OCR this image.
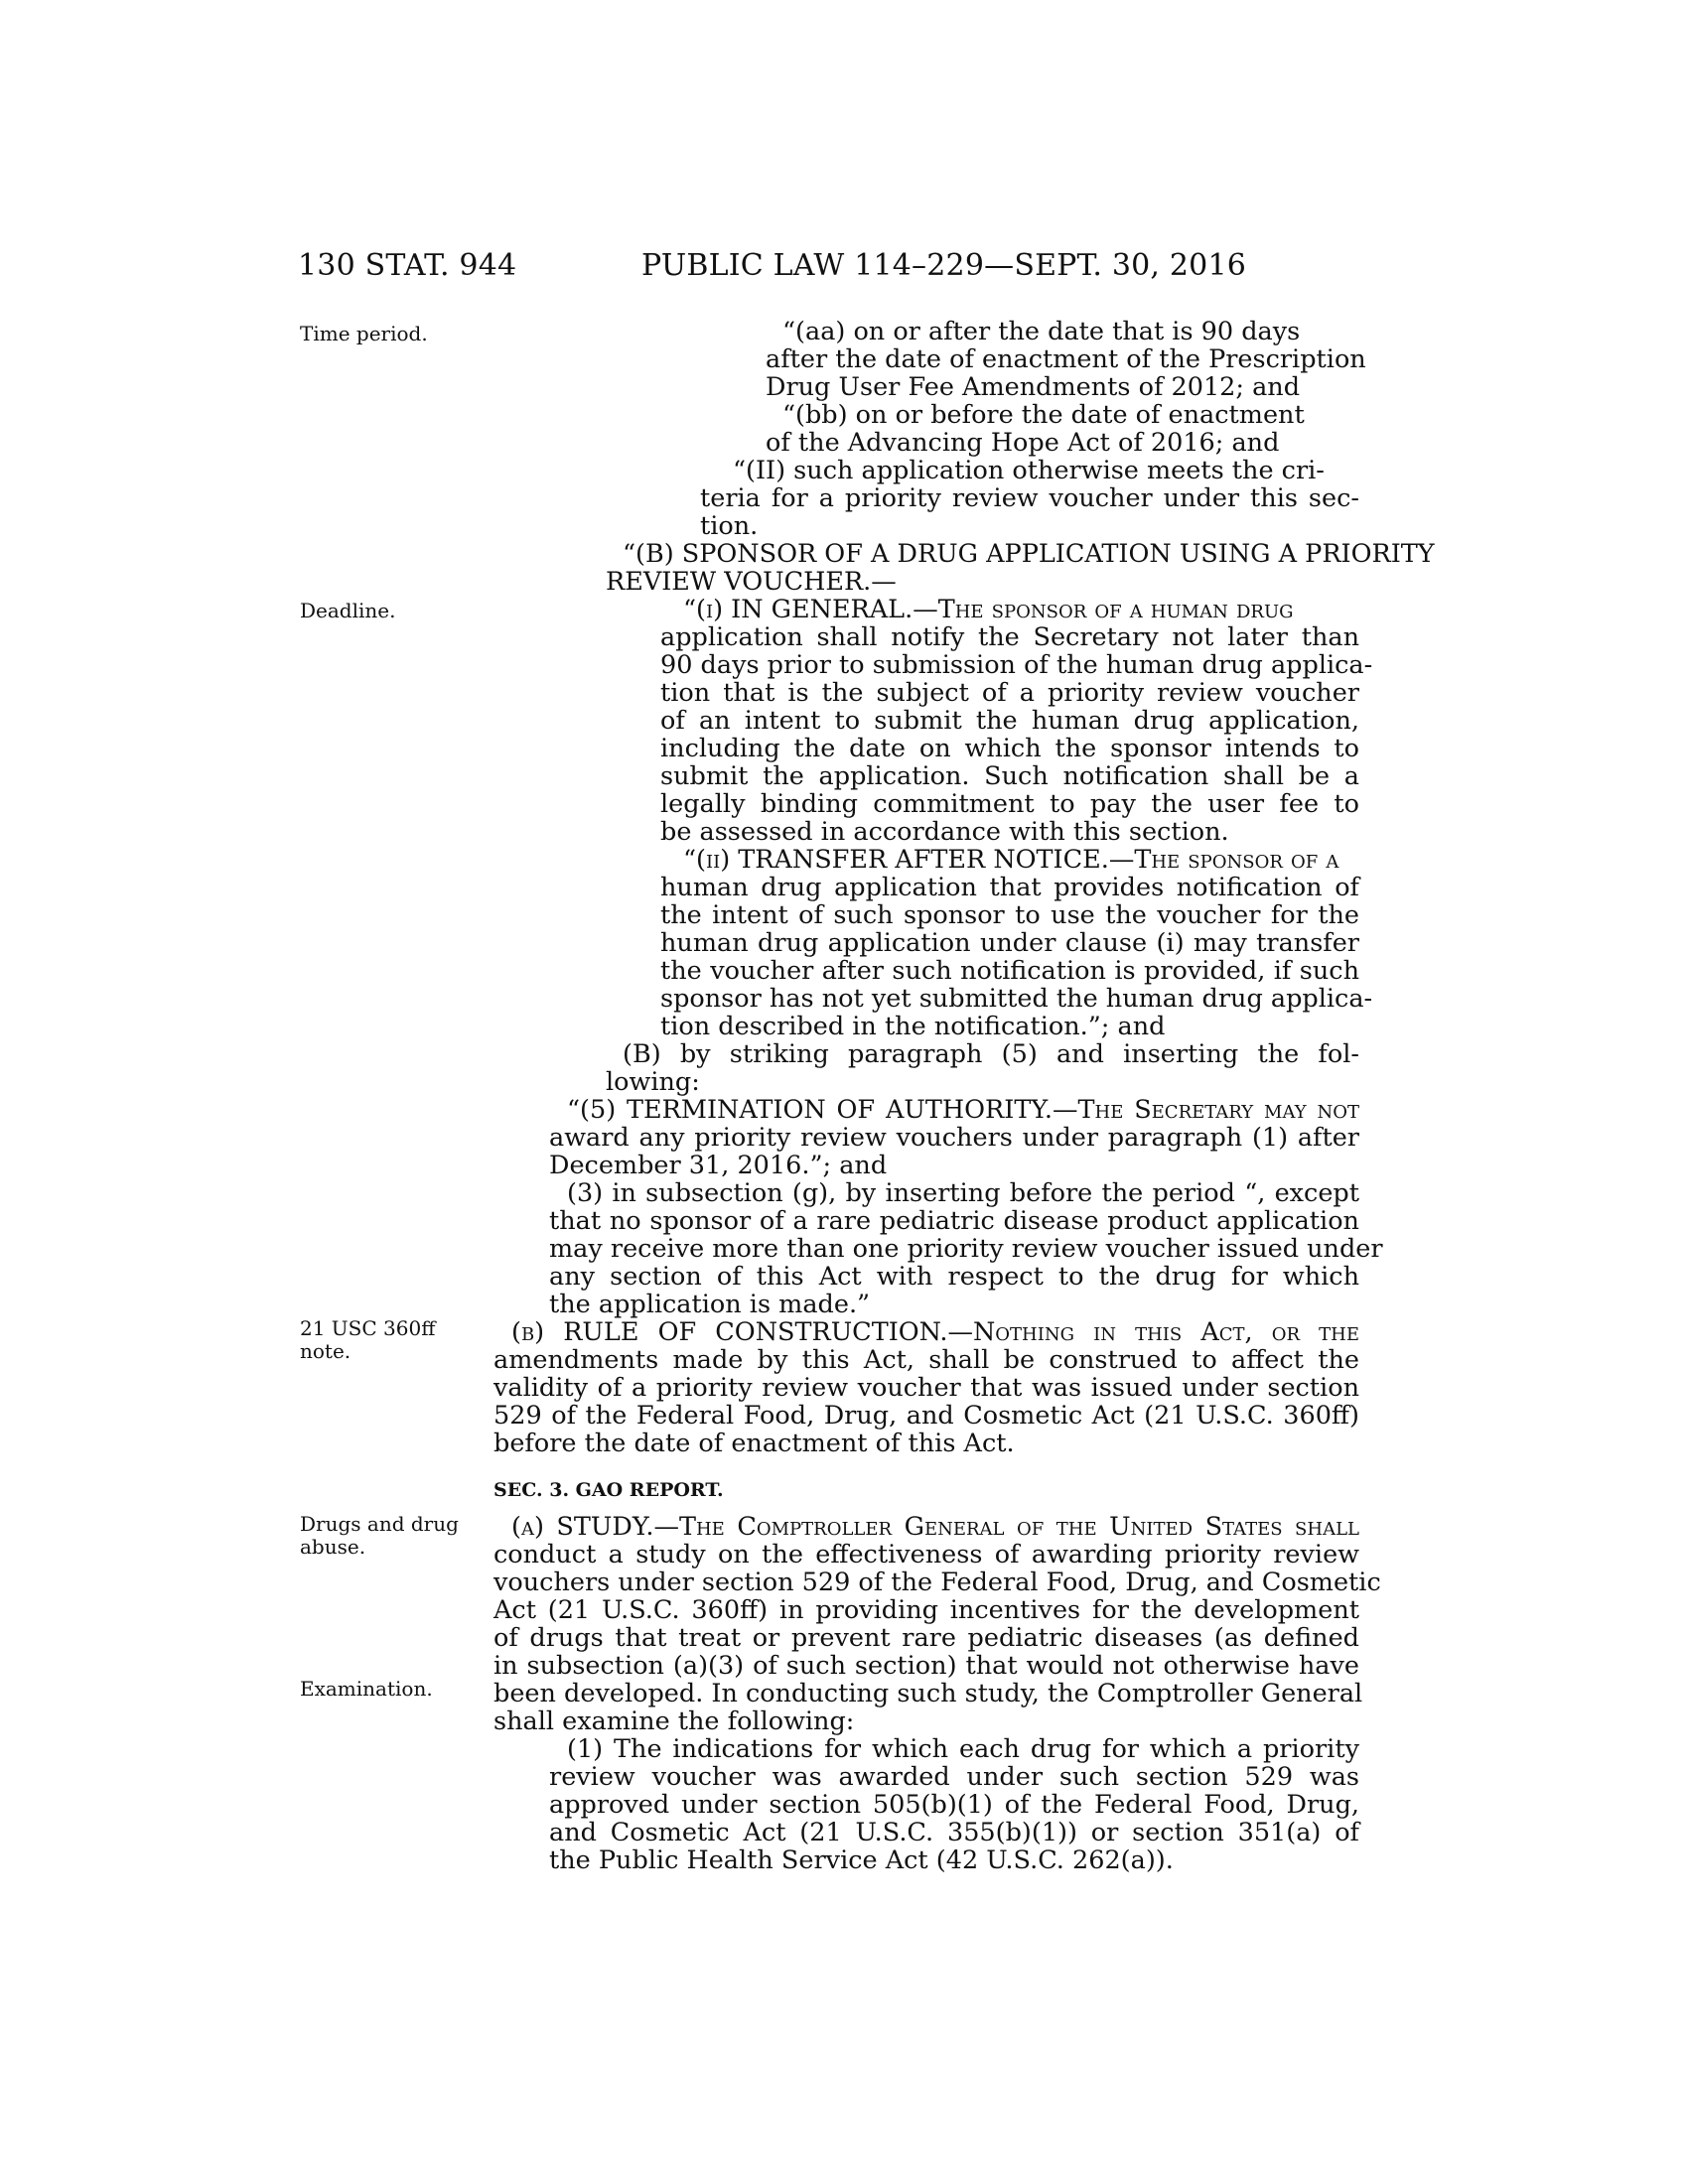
130 STAT. 944	PUBLIC LAW 114–229—SEPT. 30, 2016
Time period.
Deadline.
21 USC 360ff
note.
Drugs and drug
abuse.
Examination.
“(aa) on or after the date that is 90 days
after the date of enactment of the Prescription
Drug User Fee Amendments of 2012; and
“(bb) on or before the date of enactment
of the Advancing Hope Act of 2016; and
“(II) such application otherwise meets the cri-
teria for a priority review voucher under this sec-
tion.
“(B) SPONSOR OF A DRUG APPLICATION USING A PRIORITY
REVIEW VOUCHER.—
“(i) IN GENERAL.—The sponsor of a human drug
application shall notify the Secretary not later than
90 days prior to submission of the human drug applica-
tion that is the subject of a priority review voucher
of an intent to submit the human drug application,
including the date on which the sponsor intends to
submit the application. Such notification shall be a
legally binding commitment to pay the user fee to
be assessed in accordance with this section.
“(ii) TRANSFER AFTER NOTICE.—The sponsor of a
human drug application that provides notification of
the intent of such sponsor to use the voucher for the
human drug application under clause (i) may transfer
the voucher after such notification is provided, if such
sponsor has not yet submitted the human drug applica-
tion described in the notification.”; and
(B) by striking paragraph (5) and inserting the fol-
lowing:
“(5) TERMINATION OF AUTHORITY.—The Secretary may not
award any priority review vouchers under paragraph (1) after
December 31, 2016.”; and
(3) in subsection (g), by inserting before the period “, except
that no sponsor of a rare pediatric disease product application
may receive more than one priority review voucher issued under
any section of this Act with respect to the drug for which
the application is made.”
(b) RULE OF CONSTRUCTION.—Nothing in this Act, or the
amendments made by this Act, shall be construed to affect the
validity of a priority review voucher that was issued under section
529 of the Federal Food, Drug, and Cosmetic Act (21 U.S.C. 360ff)
before the date of enactment of this Act.
SEC. 3. GAO REPORT.
(a) STUDY.—The Comptroller General of the United States shall
conduct a study on the effectiveness of awarding priority review
vouchers under section 529 of the Federal Food, Drug, and Cosmetic
Act (21 U.S.C. 360ff) in providing incentives for the development
of drugs that treat or prevent rare pediatric diseases (as defined
in subsection (a)(3) of such section) that would not otherwise have
been developed. In conducting such study, the Comptroller General
shall examine the following:
(1) The indications for which each drug for which a priority
review voucher was awarded under such section 529 was
approved under section 505(b)(1) of the Federal Food, Drug,
and Cosmetic Act (21 U.S.C. 355(b)(1)) or section 351(a) of
the Public Health Service Act (42 U.S.C. 262(a)).
